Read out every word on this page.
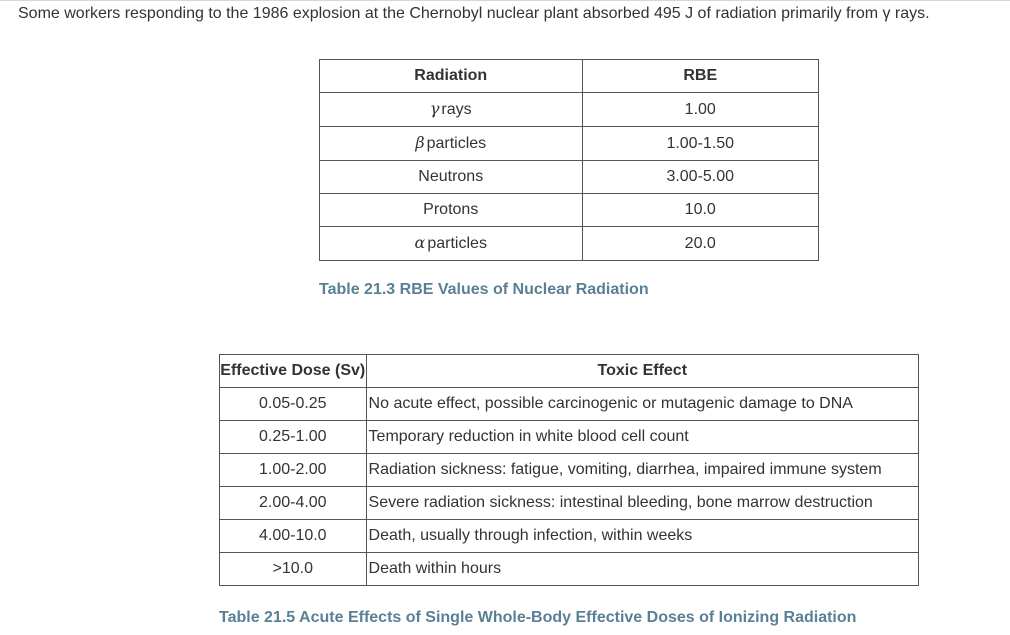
Some workers responding to the 1986 explosion at the Chernobyl nuclear plant absorbed 495 J of radiation primarily from γ rays.
Radiation	RBE
γ rays	1.00
β particles	1.00-1.50
Neutrons	3.00-5.00
Protons	10.0
α particles	20.0
Table 21.3 RBE Values of Nuclear Radiation
Effective Dose (Sv)	Toxic Effect
0.05-0.25	No acute effect, possible carcinogenic or mutagenic damage to DNA
0.25-1.00	Temporary reduction in white blood cell count
1.00-2.00	Radiation sickness: fatigue, vomiting, diarrhea, impaired immune system
2.00-4.00	Severe radiation sickness: intestinal bleeding, bone marrow destruction
4.00-10.0	Death, usually through infection, within weeks
>10.0	Death within hours
Table 21.5 Acute Effects of Single Whole-Body Effective Doses of Ionizing Radiation
